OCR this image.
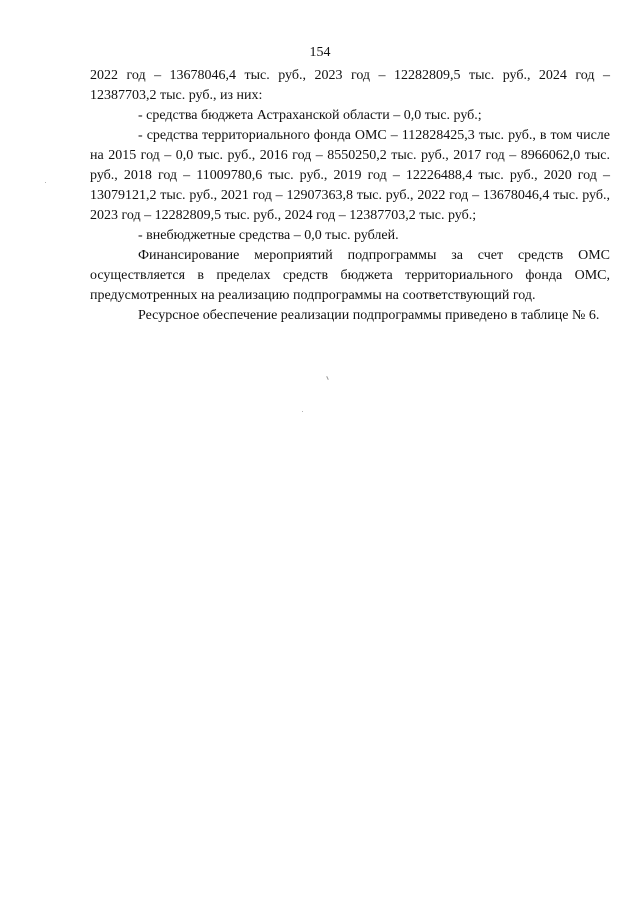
154

2022 год – 13678046,4 тыс. руб., 2023 год – 12282809,5 тыс. руб., 2024 год – 12387703,2 тыс. руб., из них:

- средства бюджета Астраханской области – 0,0 тыс. руб.;

- средства территориального фонда ОМС – 112828425,3 тыс. руб., в том числе на 2015 год – 0,0 тыс. руб., 2016 год – 8550250,2 тыс. руб., 2017 год – 8966062,0 тыс. руб., 2018 год – 11009780,6 тыс. руб., 2019 год – 12226488,4 тыс. руб., 2020 год – 13079121,2 тыс. руб., 2021 год – 12907363,8 тыс. руб., 2022 год – 13678046,4 тыс. руб., 2023 год – 12282809,5 тыс. руб., 2024 год – 12387703,2 тыс. руб.;

- внебюджетные средства – 0,0 тыс. рублей.

Финансирование мероприятий подпрограммы за счет средств ОМС осуществляется в пределах средств бюджета территориального фонда ОМС, предусмотренных на реализацию подпрограммы на соответствующий год.

Ресурсное обеспечение реализации подпрограммы приведено в таблице № 6.
